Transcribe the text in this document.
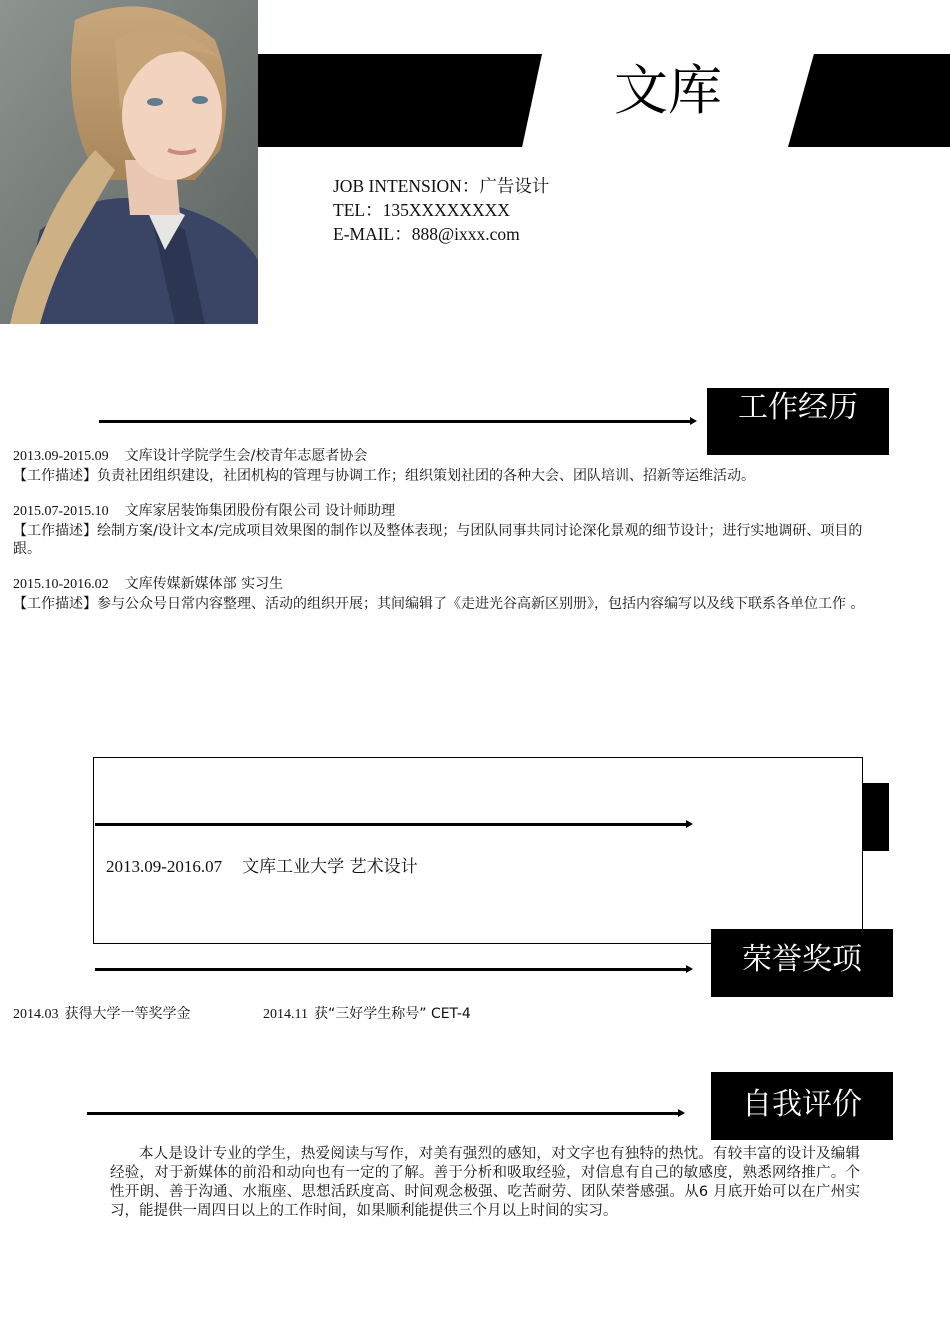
文库
JOB INTENSION：广告设计
TEL：135XXXXXXXX
E-MAIL：888@ixxx.com
工作经历
2013.09-2015.09 文库设计学院学生会/校青年志愿者协会
【工作描述】负责社团组织建设，社团机构的管理与协调工作；组织策划社团的各种大会、团队培训、招新等运维活动。
2015.07-2015.10 文库家居装饰集团股份有限公司 设计师助理
【工作描述】绘制方案/设计文本/完成项目效果图的制作以及整体表现；与团队同事共同讨论深化景观的细节设计；进行实地调研、项目的跟。
2015.10-2016.02 文库传媒新媒体部 实习生
【工作描述】参与公众号日常内容整理、活动的组织开展；其间编辑了《走进光谷高新区别册》，包括内容编写以及线下联系各单位工作 。
2013.09-2016.07 文库工业大学 艺术设计
荣誉奖项
2014.03 获得大学一等奖学金	2014.11 获“三好学生称号” CET-4
自我评价
本人是设计专业的学生，热爱阅读与写作，对美有强烈的感知，对文字也有独特的热忱。有较丰富的设计及编辑经验，对于新媒体的前沿和动向也有一定的了解。善于分析和吸取经验，对信息有自己的敏感度，熟悉网络推广。个性开朗、善于沟通、水瓶座、思想活跃度高、时间观念极强、吃苦耐劳、团队荣誉感强。从6 月底开始可以在广州实习，能提供一周四日以上的工作时间，如果顺利能提供三个月以上时间的实习。
